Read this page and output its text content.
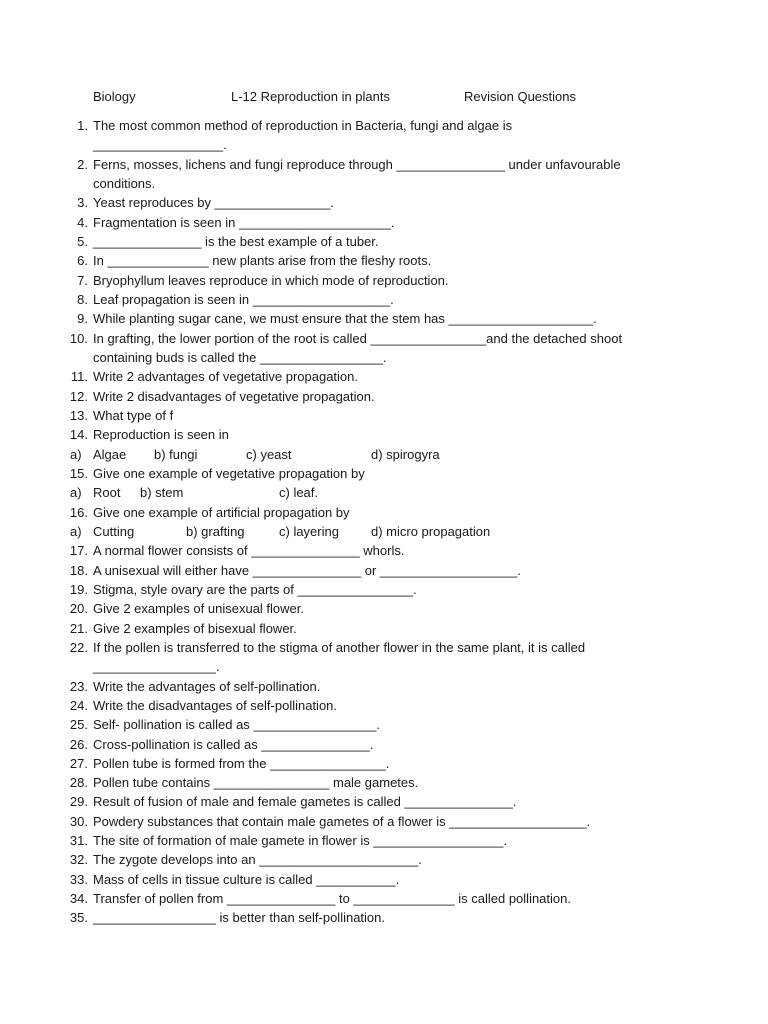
Biology	L-12 Reproduction in plants	Revision Questions
1. The most common method of reproduction in Bacteria, fungi and algae is
__________________.
2. Ferns, mosses, lichens and fungi reproduce through _______________ under unfavourable
conditions.
3. Yeast reproduces by ________________.
4. Fragmentation is seen in _____________________.
5. _______________ is the best example of a tuber.
6. In ______________ new plants arise from the fleshy roots.
7. Bryophyllum leaves reproduce in which mode of reproduction.
8. Leaf propagation is seen in ___________________.
9. While planting sugar cane, we must ensure that the stem has ____________________.
10. In grafting, the lower portion of the root is called ________________and the detached shoot
containing buds is called the _________________.
11. Write 2 advantages of vegetative propagation.
12. Write 2 disadvantages of vegetative propagation.
13. What type of f
14. Reproduction is seen in
a) Algae b) fungi	c) yeast	d) spirogyra
15. Give one example of vegetative propagation by
a) Root b) stem	c) leaf.
16. Give one example of artificial propagation by
a) Cutting	b) grafting	c) layering d) micro propagation
17. A normal flower consists of _______________ whorls.
18. A unisexual will either have _______________ or ___________________.
19. Stigma, style ovary are the parts of ________________.
20. Give 2 examples of unisexual flower.
21. Give 2 examples of bisexual flower.
22. If the pollen is transferred to the stigma of another flower in the same plant, it is called
_________________.
23. Write the advantages of self-pollination.
24. Write the disadvantages of self-pollination.
25. Self- pollination is called as _________________.
26. Cross-pollination is called as _______________.
27. Pollen tube is formed from the ________________.
28. Pollen tube contains ________________ male gametes.
29. Result of fusion of male and female gametes is called _______________.
30. Powdery substances that contain male gametes of a flower is ___________________.
31. The site of formation of male gamete in flower is __________________.
32. The zygote develops into an ______________________.
33. Mass of cells in tissue culture is called ___________.
34. Transfer of pollen from _______________ to ______________ is called pollination.
35. _________________ is better than self-pollination.
